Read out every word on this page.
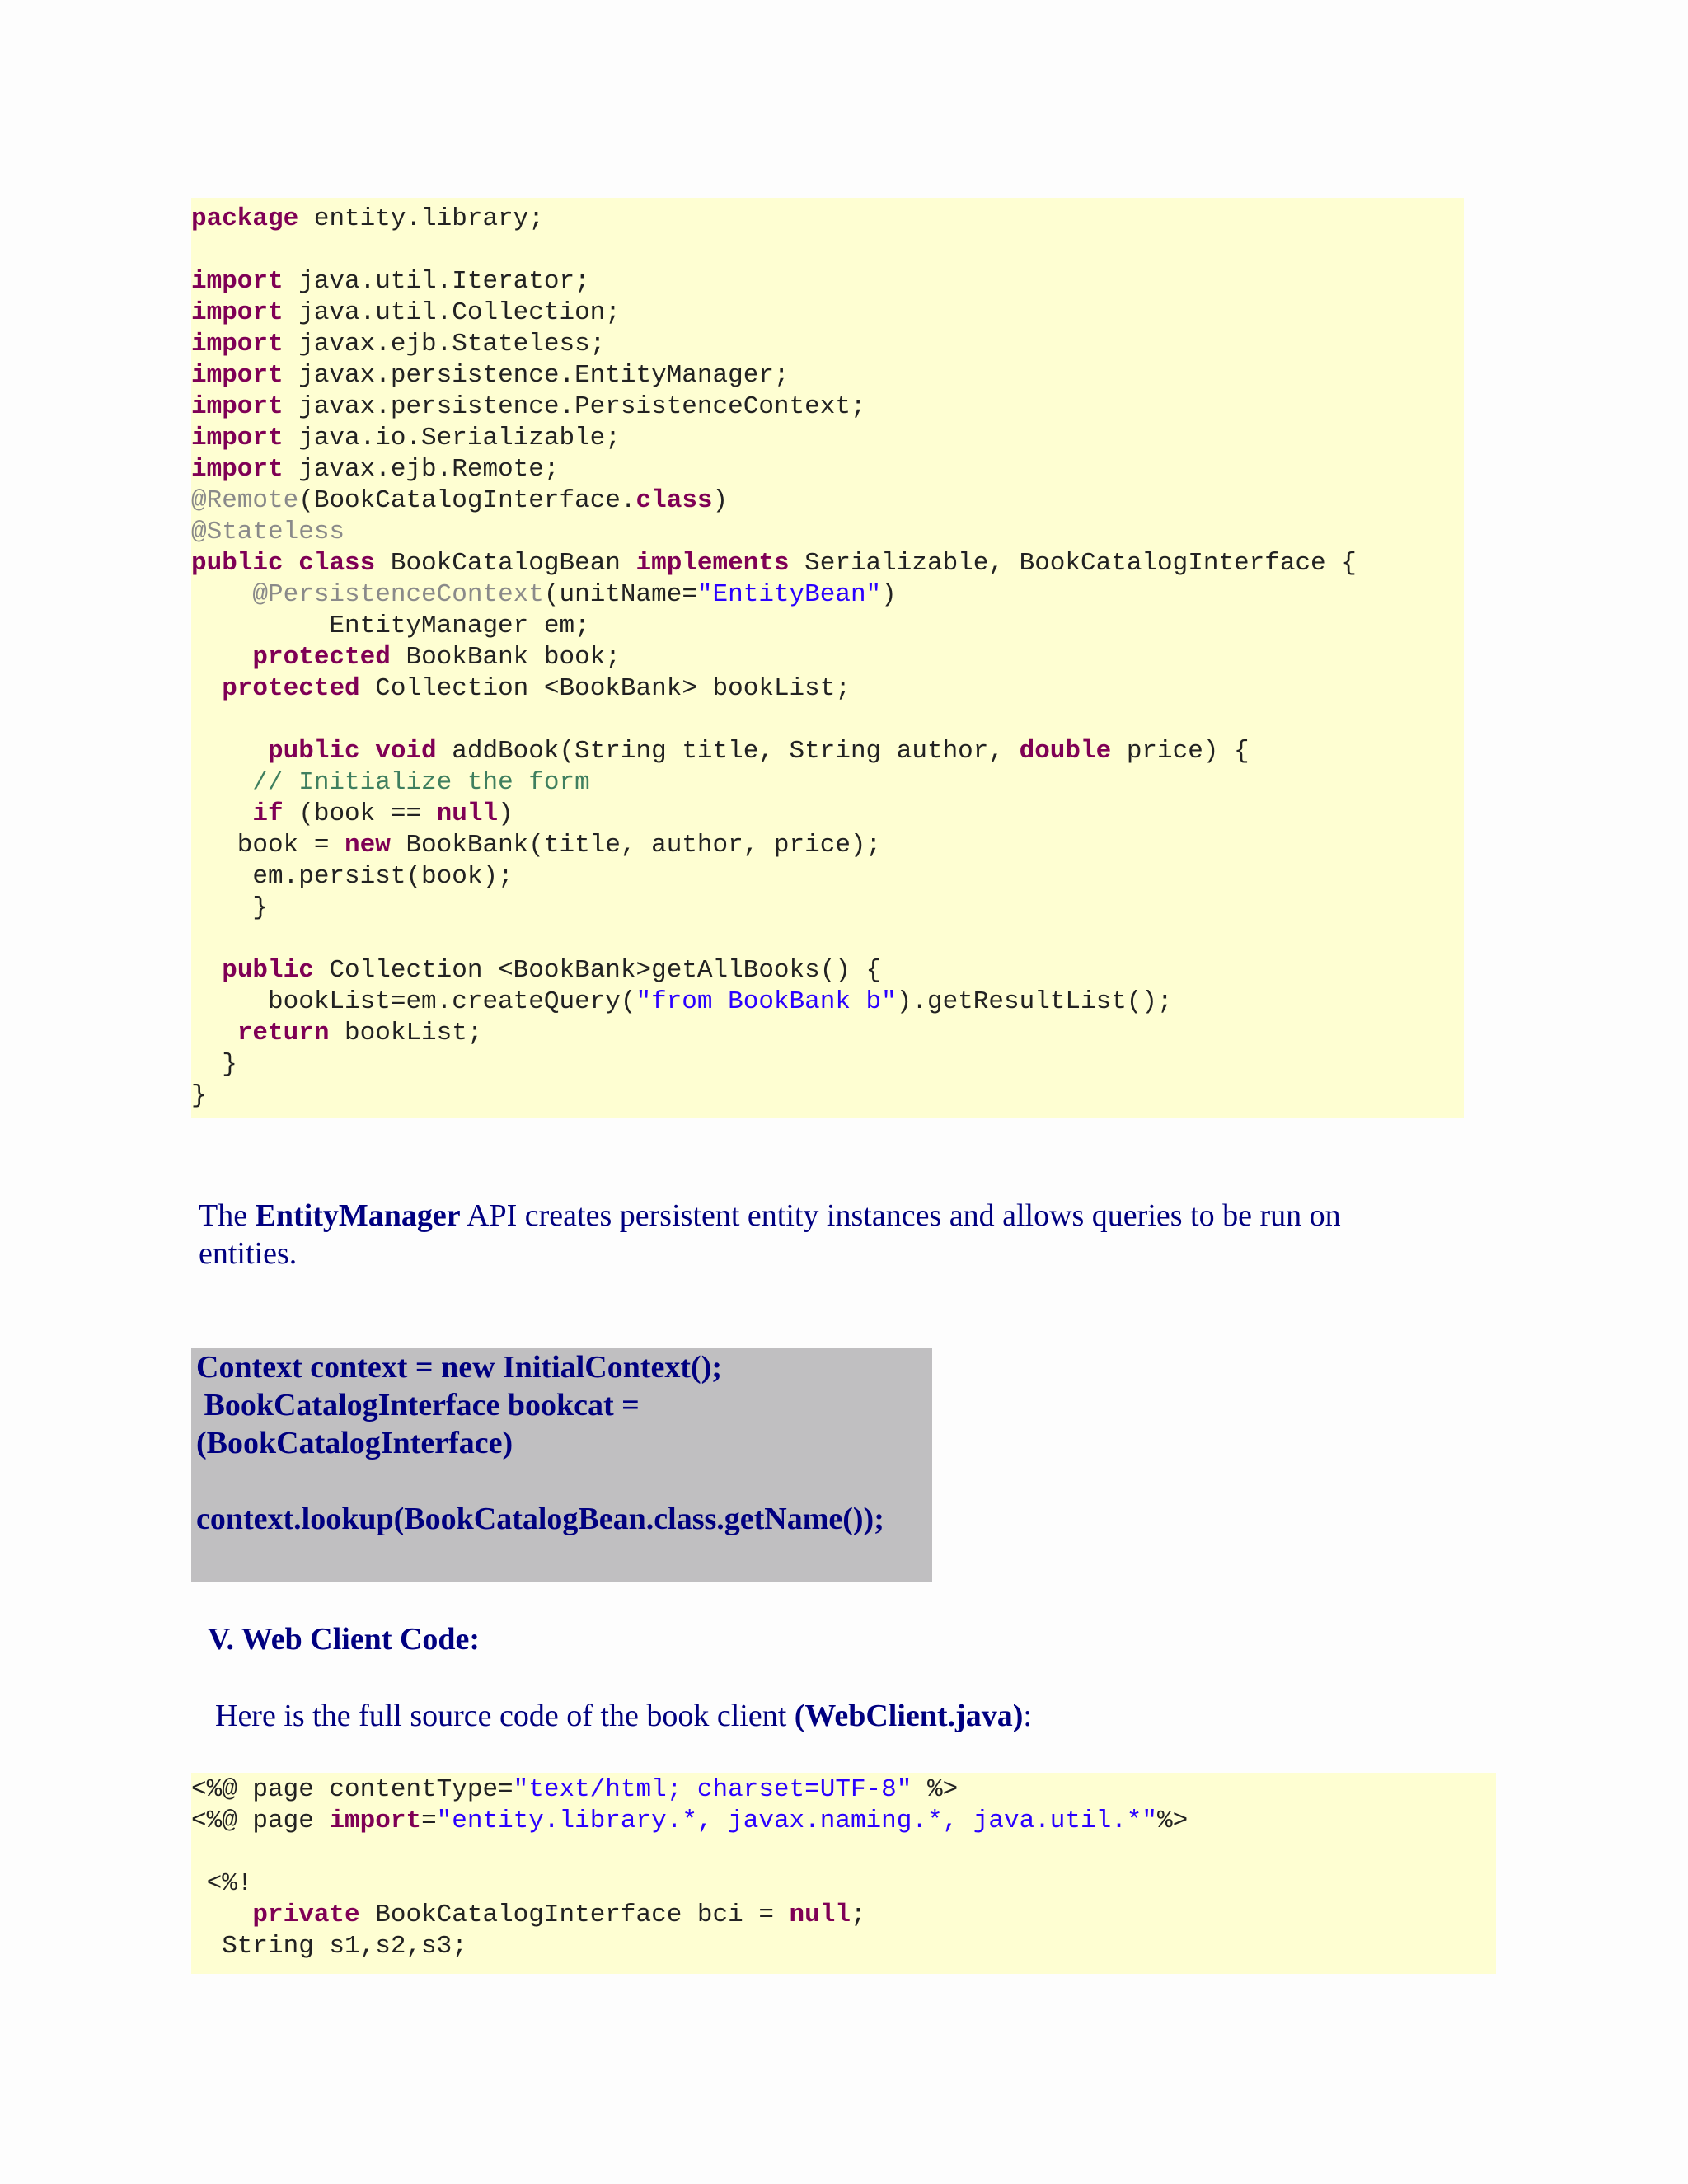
package entity.library;
import java.util.Iterator;
import java.util.Collection;
import javax.ejb.Stateless;
import javax.persistence.EntityManager;
import javax.persistence.PersistenceContext;
import java.io.Serializable;
import javax.ejb.Remote;
@Remote(BookCatalogInterface.class)
@Stateless
public class BookCatalogBean implements Serializable, BookCatalogInterface {
@PersistenceContext(unitName="EntityBean")
EntityManager em;
protected BookBank book;
protected Collection <BookBank> bookList;
public void addBook(String title, String author, double price) {
// Initialize the form
if (book == null)
book = new BookBank(title, author, price);
em.persist(book);
}
public Collection <BookBank>getAllBooks() {
bookList=em.createQuery("from BookBank b").getResultList();
return bookList;
}
}
The EntityManager API creates persistent entity instances and allows queries to be run on entities.
Context context = new InitialContext();
BookCatalogInterface bookcat =
(BookCatalogInterface)
context.lookup(BookCatalogBean.class.getName());
V. Web Client Code:
Here is the full source code of the book client (WebClient.java):
<%@ page contentType="text/html; charset=UTF-8" %>
<%@ page import="entity.library.*, javax.naming.*, java.util.*"%>
<%!
private BookCatalogInterface bci = null;
String s1,s2,s3;
